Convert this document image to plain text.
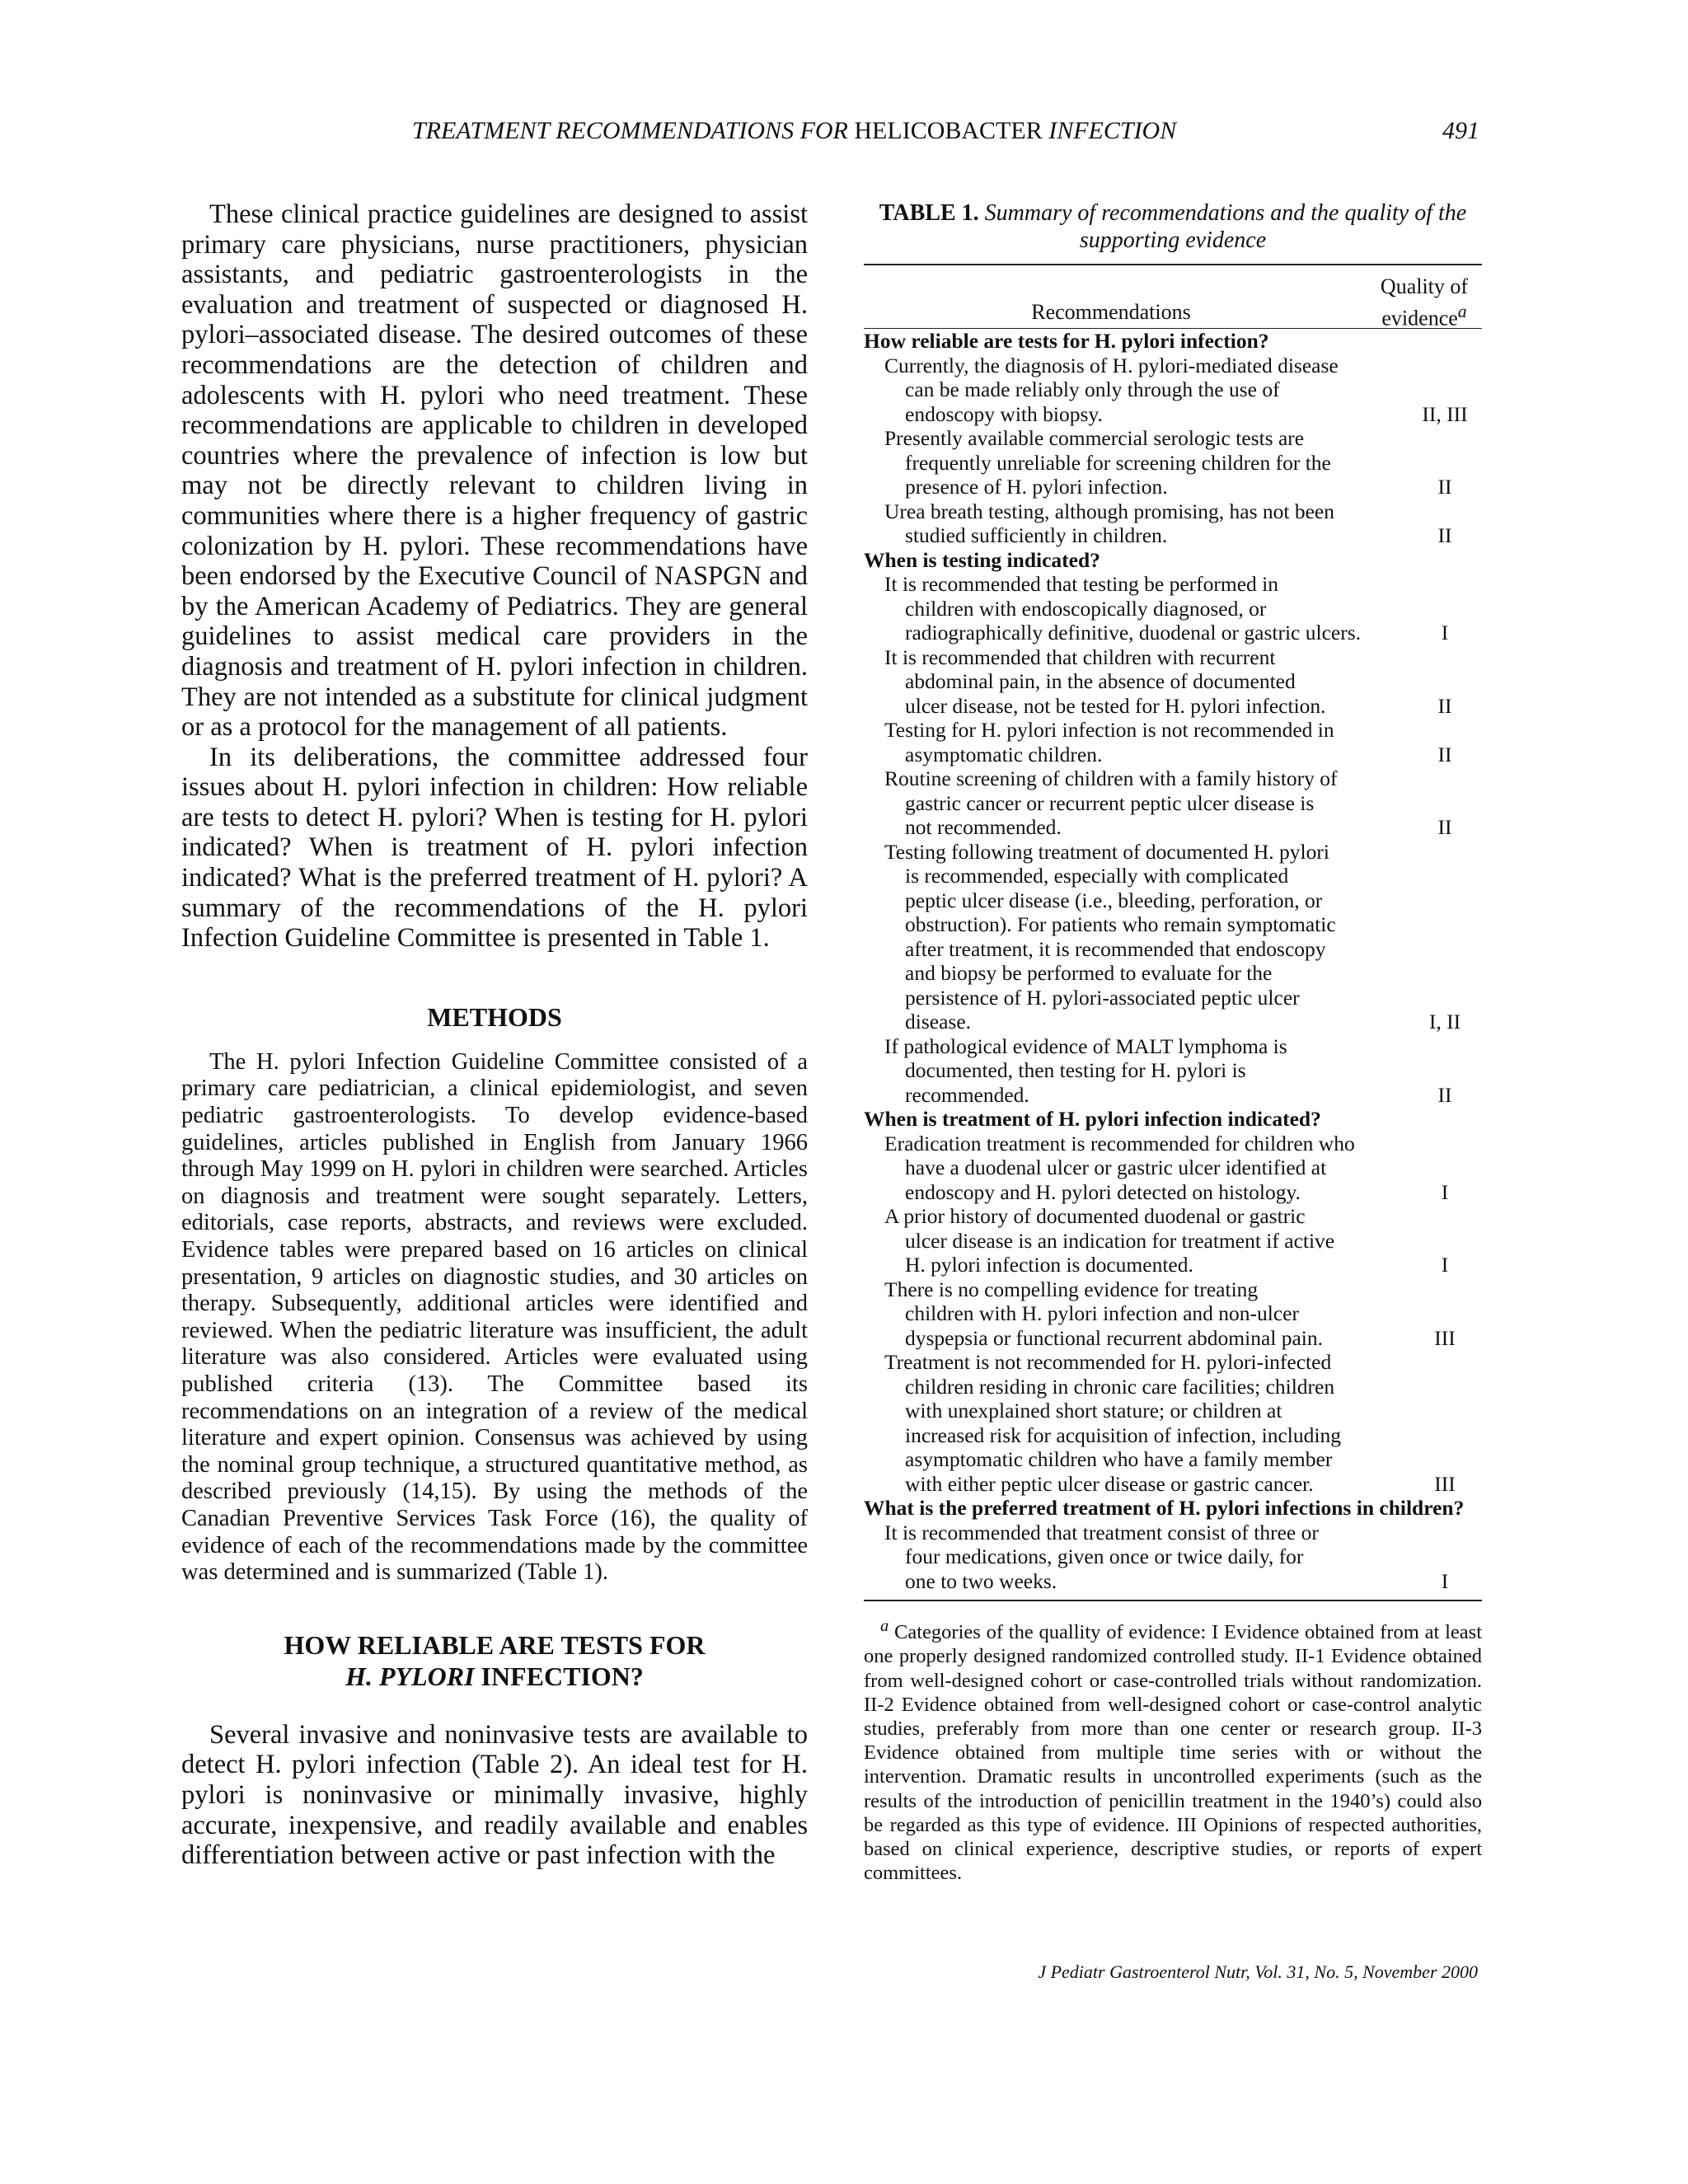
TREATMENT RECOMMENDATIONS FOR HELICOBACTER INFECTION	491

These clinical practice guidelines are designed to assist primary care physicians, nurse practitioners, physician assistants, and pediatric gastroenterologists in the evaluation and treatment of suspected or diagnosed H. pylori–associated disease. The desired outcomes of these recommendations are the detection of children and adolescents with H. pylori who need treatment. These recommendations are applicable to children in developed countries where the prevalence of infection is low but may not be directly relevant to children living in communities where there is a higher frequency of gastric colonization by H. pylori. These recommendations have been endorsed by the Executive Council of NASPGN and by the American Academy of Pediatrics. They are general guidelines to assist medical care providers in the diagnosis and treatment of H. pylori infection in children. They are not intended as a substitute for clinical judgment or as a protocol for the management of all patients.

In its deliberations, the committee addressed four issues about H. pylori infection in children: How reliable are tests to detect H. pylori? When is testing for H. pylori indicated? When is treatment of H. pylori infection indicated? What is the preferred treatment of H. pylori? A summary of the recommendations of the H. pylori Infection Guideline Committee is presented in Table 1.

METHODS

The H. pylori Infection Guideline Committee consisted of a primary care pediatrician, a clinical epidemiologist, and seven pediatric gastroenterologists. To develop evidence-based guidelines, articles published in English from January 1966 through May 1999 on H. pylori in children were searched. Articles on diagnosis and treatment were sought separately. Letters, editorials, case reports, abstracts, and reviews were excluded. Evidence tables were prepared based on 16 articles on clinical presentation, 9 articles on diagnostic studies, and 30 articles on therapy. Subsequently, additional articles were identified and reviewed. When the pediatric literature was insufficient, the adult literature was also considered. Articles were evaluated using published criteria (13). The Committee based its recommendations on an integration of a review of the medical literature and expert opinion. Consensus was achieved by using the nominal group technique, a structured quantitative method, as described previously (14,15). By using the methods of the Canadian Preventive Services Task Force (16), the quality of evidence of each of the recommendations made by the committee was determined and is summarized (Table 1).

HOW RELIABLE ARE TESTS FOR
H. PYLORI INFECTION?

Several invasive and noninvasive tests are available to detect H. pylori infection (Table 2). An ideal test for H. pylori is noninvasive or minimally invasive, highly accurate, inexpensive, and readily available and enables differentiation between active or past infection with the

TABLE 1. Summary of recommendations and the quality of the supporting evidence

Recommendations
Quality of evidence$^a$
How reliable are tests for H. pylori infection?
Currently, the diagnosis of H. pylori-mediated disease
can be made reliably only through the use of
endoscopy with biopsy.	II, III
Presently available commercial serologic tests are
frequently unreliable for screening children for the
presence of H. pylori infection.	II
Urea breath testing, although promising, has not been
studied sufficiently in children.	II
When is testing indicated?
It is recommended that testing be performed in
children with endoscopically diagnosed, or
radiographically definitive, duodenal or gastric ulcers.	I
It is recommended that children with recurrent
abdominal pain, in the absence of documented
ulcer disease, not be tested for H. pylori infection.	II
Testing for H. pylori infection is not recommended in
asymptomatic children.	II
Routine screening of children with a family history of
gastric cancer or recurrent peptic ulcer disease is
not recommended.	II
Testing following treatment of documented H. pylori
is recommended, especially with complicated
peptic ulcer disease (i.e., bleeding, perforation, or
obstruction). For patients who remain symptomatic
after treatment, it is recommended that endoscopy
and biopsy be performed to evaluate for the
persistence of H. pylori-associated peptic ulcer
disease.	I, II
If pathological evidence of MALT lymphoma is
documented, then testing for H. pylori is
recommended.	II
When is treatment of H. pylori infection indicated?
Eradication treatment is recommended for children who
have a duodenal ulcer or gastric ulcer identified at
endoscopy and H. pylori detected on histology.	I
A prior history of documented duodenal or gastric
ulcer disease is an indication for treatment if active
H. pylori infection is documented.	I
There is no compelling evidence for treating
children with H. pylori infection and non-ulcer
dyspepsia or functional recurrent abdominal pain.	III
Treatment is not recommended for H. pylori-infected
children residing in chronic care facilities; children
with unexplained short stature; or children at
increased risk for acquisition of infection, including
asymptomatic children who have a family member
with either peptic ulcer disease or gastric cancer.	III
What is the preferred treatment of H. pylori infections in children?
It is recommended that treatment consist of three or
four medications, given once or twice daily, for
one to two weeks.	I

$^a$ Categories of the quallity of evidence: I Evidence obtained from at least one properly designed randomized controlled study. II-1 Evidence obtained from well-designed cohort or case-controlled trials without randomization. II-2 Evidence obtained from well-designed cohort or case-control analytic studies, preferably from more than one center or research group. II-3 Evidence obtained from multiple time series with or without the intervention. Dramatic results in uncontrolled experiments (such as the results of the introduction of penicillin treatment in the 1940’s) could also be regarded as this type of evidence. III Opinions of respected authorities, based on clinical experience, descriptive studies, or reports of expert committees.

J Pediatr Gastroenterol Nutr, Vol. 31, No. 5, November 2000
